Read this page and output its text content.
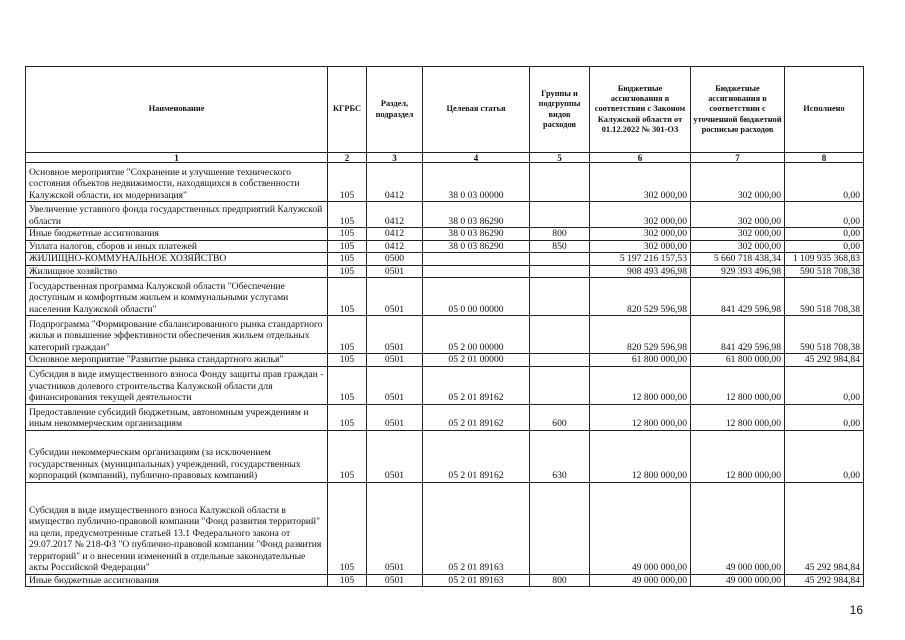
Наименование	КГРБС	Раздел, подраздел	Целевая статья	Группы и подгруппы видов расходов	Бюджетные ассигнования в соответствии с Законом Калужской области от 01.12.2022 № 301-ОЗ	Бюджетные ассигнования в соответствии с уточненной бюджетной росписью расходов	Исполнено
1	2	3	4	5	6	7	8
Основное мероприятие "Сохранение и улучшение технического состояния объектов недвижимости, находящихся в собственности Калужской области, их модернизация"	105	0412	38 0 03 00000		302 000,00	302 000,00	0,00
Увеличение уставного фонда государственных предприятий Калужской области	105	0412	38 0 03 86290		302 000,00	302 000,00	0,00
Иные бюджетные ассигнования	105	0412	38 0 03 86290	800	302 000,00	302 000,00	0,00
Уплата налогов, сборов и иных платежей	105	0412	38 0 03 86290	850	302 000,00	302 000,00	0,00
ЖИЛИЩНО-КОММУНАЛЬНОЕ ХОЗЯЙСТВО	105	0500			5 197 216 157,53	5 660 718 438,34	1 109 935 368,83
Жилищное хозяйство	105	0501			908 493 496,98	929 393 496,98	590 518 708,38
Государственная программа Калужской области "Обеспечение доступным и комфортным жильем и коммунальными услугами населения Калужской области"	105	0501	05 0 00 00000		820 529 596,98	841 429 596,98	590 518 708,38
Подпрограмма "Формирование сбалансированного рынка стандартного жилья и повышение эффективности обеспечения жильем отдельных категорий граждан"	105	0501	05 2 00 00000		820 529 596,98	841 429 596,98	590 518 708,38
Основное мероприятие "Развитие рынка стандартного жилья"	105	0501	05 2 01 00000		61 800 000,00	61 800 000,00	45 292 984,84
Субсидия в виде имущественного взноса Фонду защиты прав граждан - участников долевого строительства Калужской области для финансирования текущей деятельности	105	0501	05 2 01 89162		12 800 000,00	12 800 000,00	0,00
Предоставление субсидий бюджетным, автономным учреждениям и иным некоммерческим организациям	105	0501	05 2 01 89162	600	12 800 000,00	12 800 000,00	0,00
Субсидии некоммерческим организациям (за исключением государственных (муниципальных) учреждений, государственных корпораций (компаний), публично-правовых компаний)	105	0501	05 2 01 89162	630	12 800 000,00	12 800 000,00	0,00
Субсидия в виде имущественного взноса Калужской области в имущество публично-правовой компании "Фонд развития территорий" на цели, предусмотренные статьей 13.1 Федерального закона от 29.07.2017 № 218-ФЗ "О публично-правовой компании "Фонд развития территорий" и о внесении изменений в отдельные законодательные акты Российской Федерации"	105	0501	05 2 01 89163		49 000 000,00	49 000 000,00	45 292 984,84
Иные бюджетные ассигнования	105	0501	05 2 01 89163	800	49 000 000,00	49 000 000,00	45 292 984,84
16
